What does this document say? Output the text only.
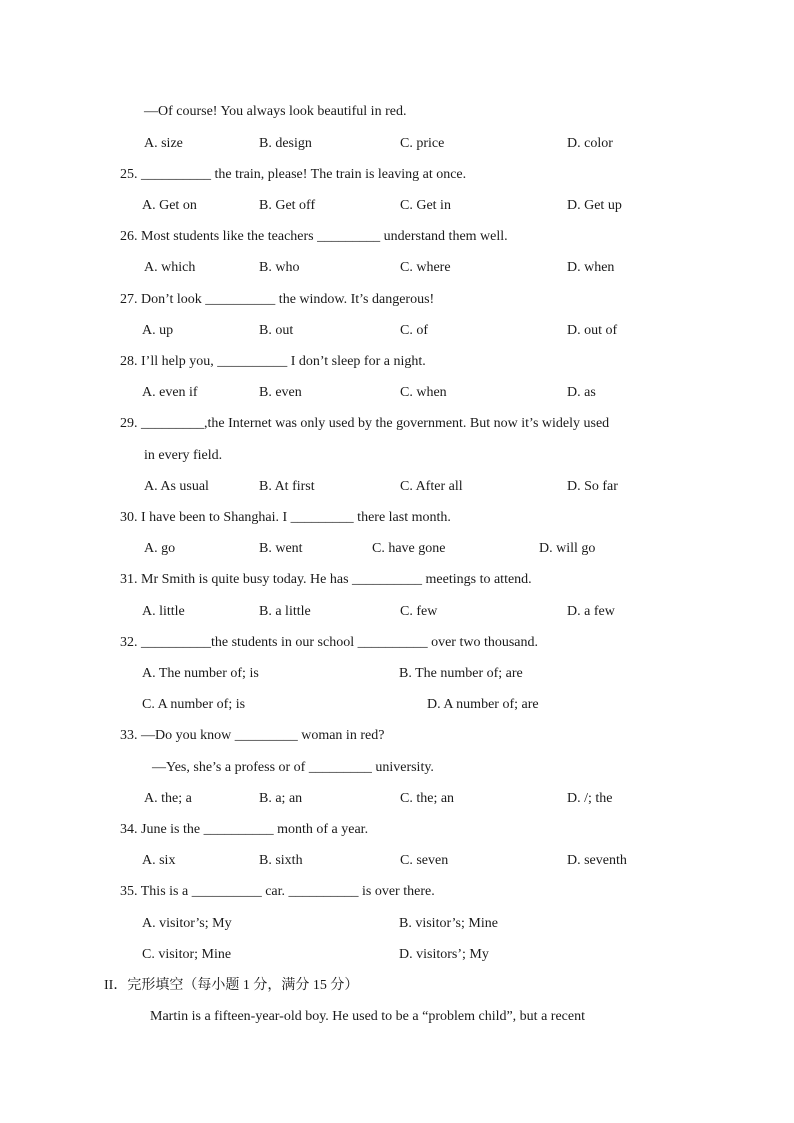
—Of course! You always look beautiful in red.
A. size	B. design	C. price	D. color
25. __________ the train, please! The train is leaving at once.
A. Get on	B. Get off	C. Get in	D. Get up
26. Most students like the teachers _________ understand them well.
A. which	B. who	C. where	D. when
27. Don’t look __________ the window. It’s dangerous!
A. up	B. out	C. of	D. out of
28. I’ll help you, __________ I don’t sleep for a night.
A. even if	B. even	C. when	D. as
29. _________,the Internet was only used by the government. But now it’s widely used
in every field.
A. As usual	B. At first	C. After all	D. So far
30. I have been to Shanghai. I _________ there last month.
A. go	B. went	C. have gone	D. will go
31. Mr Smith is quite busy today. He has __________ meetings to attend.
A. little	B. a little	C. few	D. a few
32. __________the students in our school __________ over two thousand.
A. The number of; is	B. The number of; are
C. A number of; is	D. A number of; are
33. —Do you know _________ woman in red?
—Yes, she’s a profess or of _________ university.
A. the; a	B. a; an	C. the; an	D. /; the
34. June is the __________ month of a year.
A. six	B. sixth	C. seven	D. seventh
35. This is a __________ car. __________ is over there.
A. visitor’s; My	B. visitor’s; Mine
C. visitor; Mine	D. visitors’; My
II．完形填空（每小题 1 分，满分 15 分）
Martin is a fifteen-year-old boy. He used to be a “problem child”, but a recent
